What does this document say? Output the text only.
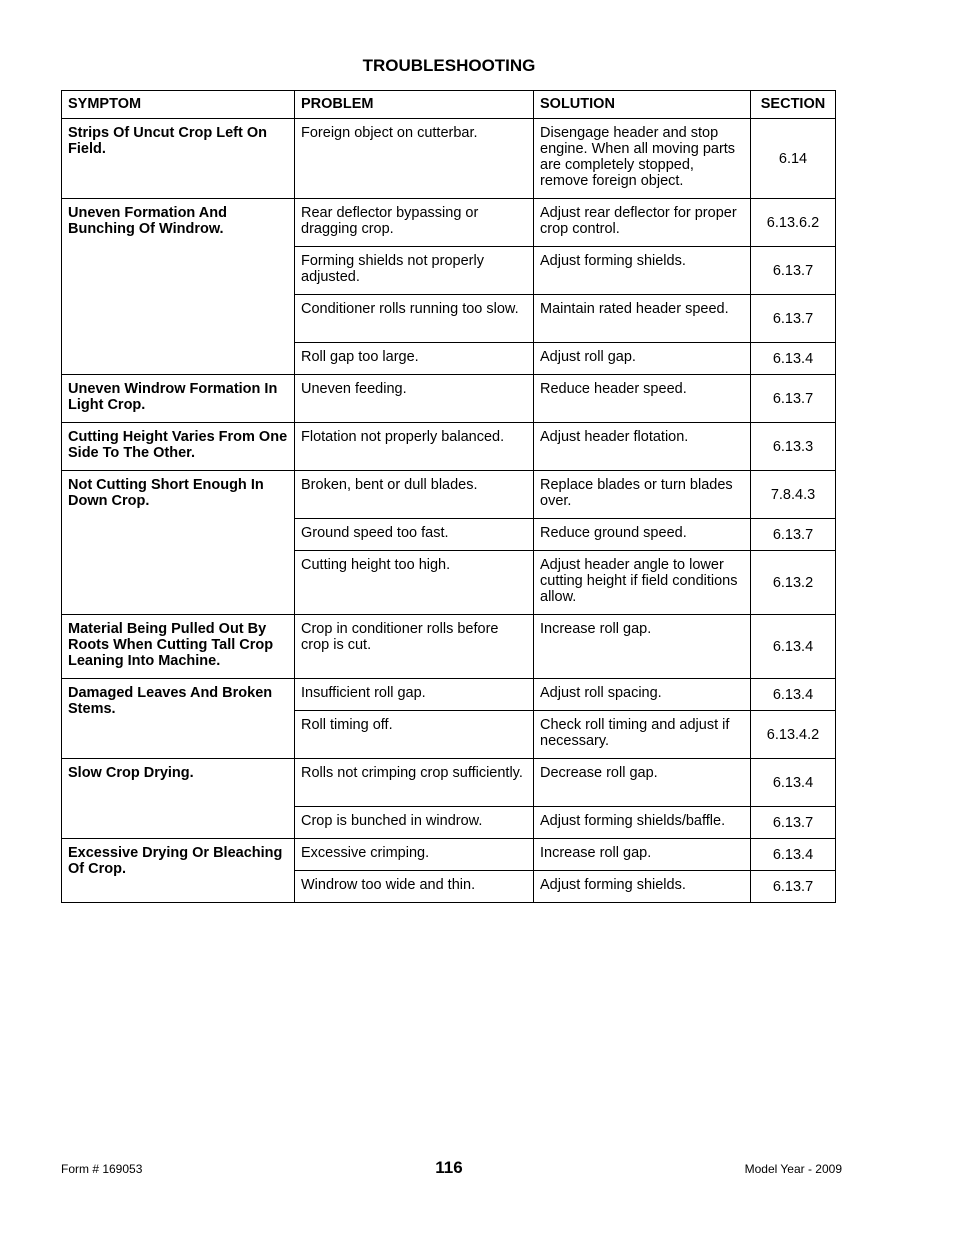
TROUBLESHOOTING
SYMPTOM	PROBLEM	SOLUTION	SECTION
Strips Of Uncut Crop Left On Field.	Foreign object on cutterbar.	Disengage header and stop engine. When all moving parts are completely stopped, remove foreign object.	6.14
Uneven Formation And Bunching Of Windrow.	Rear deflector bypassing or dragging crop.	Adjust rear deflector for proper crop control.	6.13.6.2
	Forming shields not properly adjusted.	Adjust forming shields.	6.13.7
	Conditioner rolls running too slow.	Maintain rated header speed.	6.13.7
	Roll gap too large.	Adjust roll gap.	6.13.4
Uneven Windrow Formation In Light Crop.	Uneven feeding.	Reduce header speed.	6.13.7
Cutting Height Varies From One Side To The Other.	Flotation not properly balanced.	Adjust header flotation.	6.13.3
Not Cutting Short Enough In Down Crop.	Broken, bent or dull blades.	Replace blades or turn blades over.	7.8.4.3
	Ground speed too fast.	Reduce ground speed.	6.13.7
	Cutting height too high.	Adjust header angle to lower cutting height if field conditions allow.	6.13.2
Material Being Pulled Out By Roots When Cutting Tall Crop Leaning Into Machine.	Crop in conditioner rolls before crop is cut.	Increase roll gap.	6.13.4
Damaged Leaves And Broken Stems.	Insufficient roll gap.	Adjust roll spacing.	6.13.4
	Roll timing off.	Check roll timing and adjust if necessary.	6.13.4.2
Slow Crop Drying.	Rolls not crimping crop sufficiently.	Decrease roll gap.	6.13.4
	Crop is bunched in windrow.	Adjust forming shields/baffle.	6.13.7
Excessive Drying Or Bleaching Of Crop.	Excessive crimping.	Increase roll gap.	6.13.4
	Windrow too wide and thin.	Adjust forming shields.	6.13.7
Form # 169053	116	Model Year - 2009
